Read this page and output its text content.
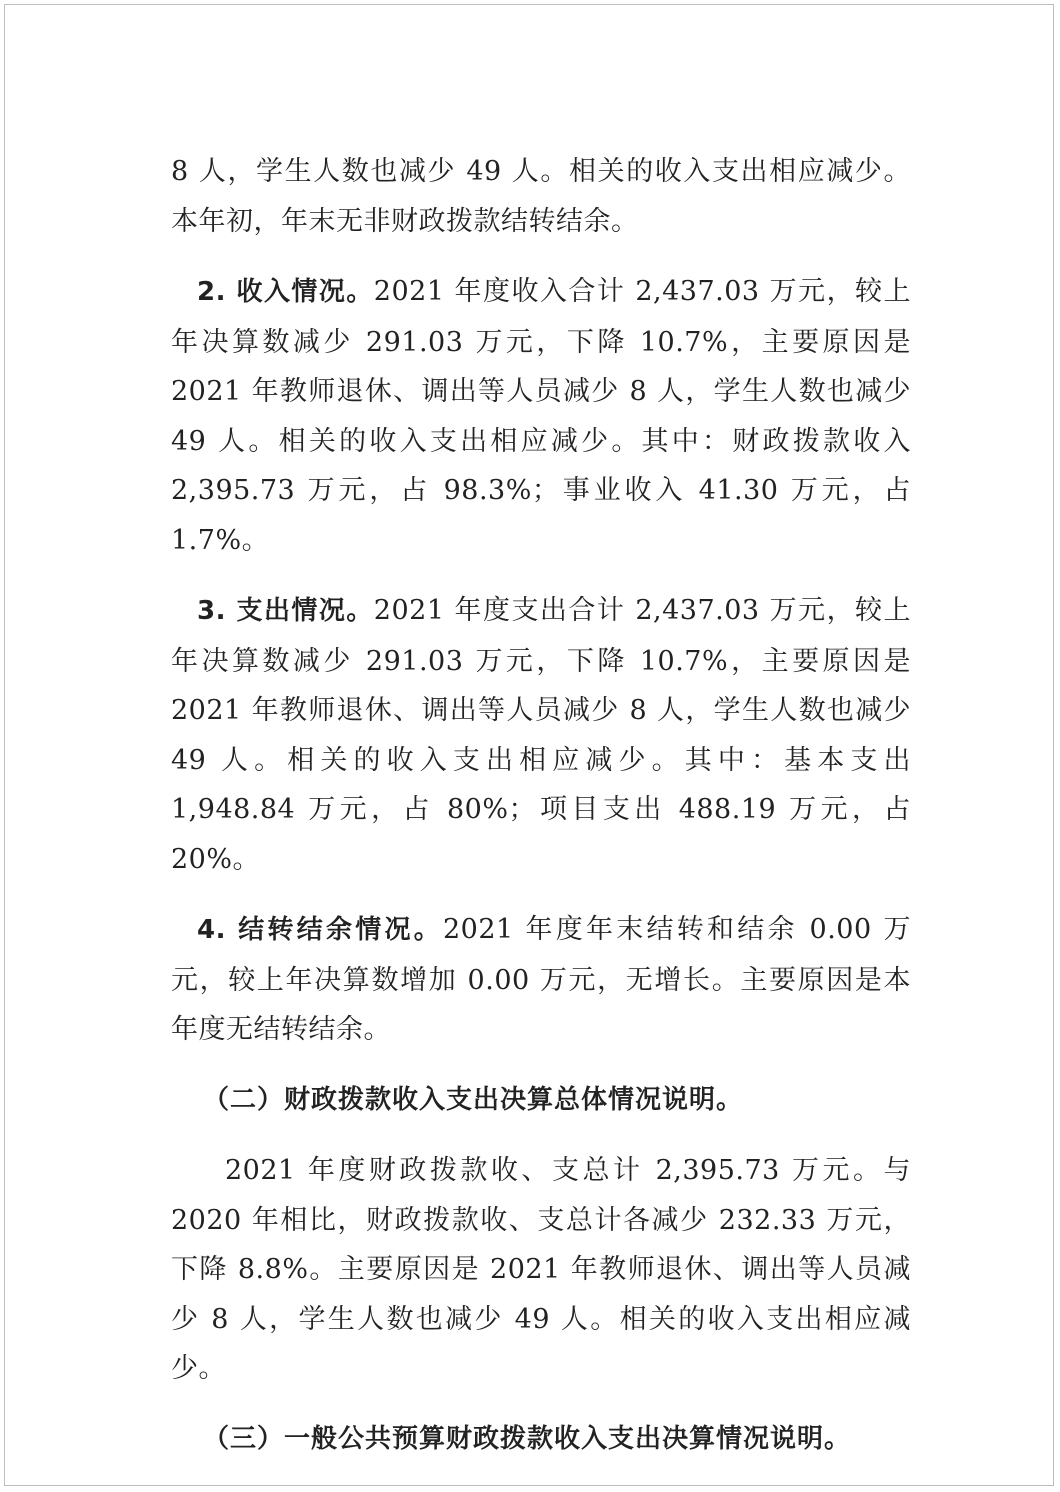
8 人，学生人数也减少 49 人。相关的收入支出相应减少。本年初，年末无非财政拨款结转结余。

2. 收入情况。2021 年度收入合计 2,437.03 万元，较上年决算数减少 291.03 万元，下降 10.7%，主要原因是 2021 年教师退休、调出等人员减少 8 人，学生人数也减少 49 人。相关的收入支出相应减少。其中：财政拨款收入 2,395.73 万元，占 98.3%；事业收入 41.30 万元，占 1.7%。

3. 支出情况。2021 年度支出合计 2,437.03 万元，较上年决算数减少 291.03 万元，下降 10.7%，主要原因是 2021 年教师退休、调出等人员减少 8 人，学生人数也减少 49 人。相关的收入支出相应减少。其中：基本支出 1,948.84 万元，占 80%；项目支出 488.19 万元，占 20%。

4. 结转结余情况。2021 年度年末结转和结余 0.00 万元，较上年决算数增加 0.00 万元，无增长。主要原因是本年度无结转结余。

（二）财政拨款收入支出决算总体情况说明。

2021 年度财政拨款收、支总计 2,395.73 万元。与 2020 年相比，财政拨款收、支总计各减少 232.33 万元，下降 8.8%。主要原因是 2021 年教师退休、调出等人员减少 8 人，学生人数也减少 49 人。相关的收入支出相应减少。

（三）一般公共预算财政拨款收入支出决算情况说明。
